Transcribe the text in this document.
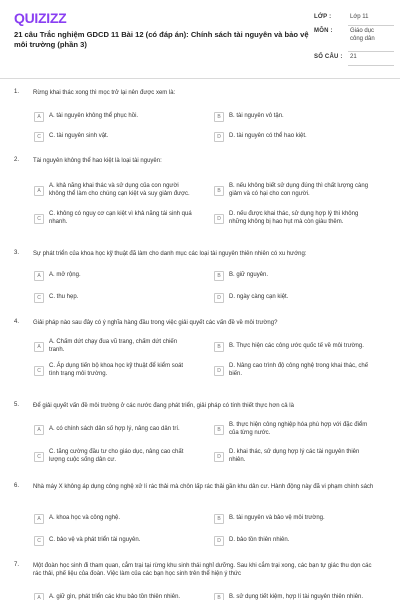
QUIZIZZ
21 câu Trắc nghiệm GDCD 11 Bài 12 (có đáp án): Chính sách tài nguyên và bảo vệ môi trường (phần 3)
LỚP :	Lớp 11
MÔN :	Giáo dục công dân
SỐ CÂU : 21
1. Rừng khai thác xong thì mọc trở lại nên được xem là:
A	A. tài nguyên không thể phục hồi.	B	B. tài nguyên vô tận.
C	C. tài nguyên sinh vật.	D	D. tài nguyên có thể hao kiệt.
2. Tài nguyên không thể hao kiệt là loại tài nguyên:
A
A. khả năng khai thác và sử dụng của con người không thể làm cho chúng cạn kiệt và suy giảm được.	B
B. nếu không biết sử dụng đúng thì chất lượng càng giảm và có hại cho con người.
C
C. không có nguy cơ cạn kiệt vì khả năng tái sinh quá nhanh.	D
D. nếu được khai thác, sử dụng hợp lý thì không những không bị hao hụt mà còn giàu thêm.
3. Sự phát triển của khoa học kỹ thuật đã làm cho danh mục các loại tài nguyên thiên nhiên có xu hướng:
A	A. mở rộng.	B	B. giữ nguyên.
C	C. thu hẹp.	D	D. ngày càng cạn kiệt.
4. Giải pháp nào sau đây có ý nghĩa hàng đầu trong việc giải quyết các vấn đề về môi trường?
A
A. Chấm dứt chạy đua vũ trang, chấm dứt chiến tranh.	B	B. Thực hiện các công ước quốc tế về môi trường.
C
C. Áp dụng tiến bộ khoa học kỹ thuật để kiểm soát tình trạng môi trường.	D
D. Nâng cao trình độ công nghệ trong khai thác, chế biến.
5. Để giải quyết vấn đề môi trường ở các nước đang phát triển, giải pháp có tính thiết thực hơn cả là
A	A. có chính sách dân số hợp lý, nâng cao dân trí.	B
B. thực hiện công nghiệp hóa phù hợp với đặc điểm của từng nước.
C
C. tăng cường đầu tư cho giáo dục, nâng cao chất lượng cuộc sống dân cư.	D
D. khai thác, sử dụng hợp lý các tài nguyên thiên nhiên.
6. Nhà máy X không áp dụng công nghệ xử lí rác thải mà chôn lấp rác thải gần khu dân cư. Hành động này đã vi phạm chính sách
A	A. khoa học và công nghệ.	B	B. tài nguyên và bảo vệ môi trường.
C	C. bảo vệ và phát triển tài nguyên.	D	D. bảo tồn thiên nhiên.
7. Một đoàn học sinh đi tham quan, cắm trại tại rừng khu sinh thái nghỉ dưỡng. Sau khi cắm trại xong, các bạn tự giác thu dọn các rác thải, phế liệu của đoàn. Việc làm của các bạn học sinh trên thể hiện ý thức
A	A. giữ gìn, phát triển các khu bảo tồn thiên nhiên.	B	B. sử dụng tiết kiệm, hợp lí tài nguyên thiên nhiên.
